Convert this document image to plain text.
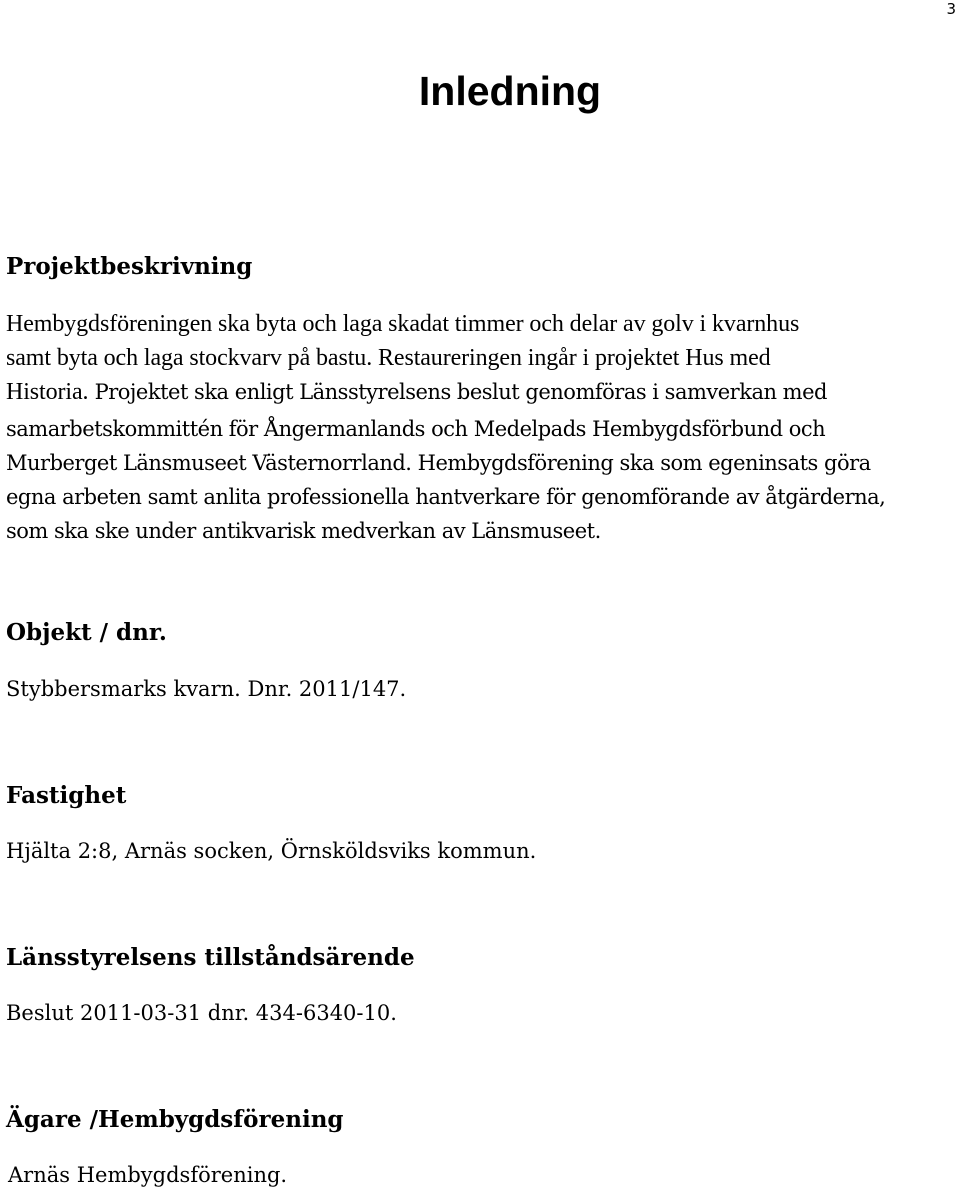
3
Inledning
Projektbeskrivning
Hembygdsföreningen ska byta och laga skadat timmer och delar av golv i kvarnhus
samt byta och laga stockvarv på bastu. Restaureringen ingår i projektet Hus med
Historia. Projektet ska enligt Länsstyrelsens beslut genomföras i samverkan med
samarbetskommittén för Ångermanlands och Medelpads Hembygdsförbund och
Murberget Länsmuseet Västernorrland. Hembygdsförening ska som egeninsats göra
egna arbeten samt anlita professionella hantverkare för genomförande av åtgärderna,
som ska ske under antikvarisk medverkan av Länsmuseet.
Objekt / dnr.

Stybbersmarks kvarn. Dnr. 2011/147.

Fastighet

Hjälta 2:8, Arnäs socken, Örnsköldsviks kommun.

Länsstyrelsens tillståndsärende

Beslut 2011-03-31 dnr. 434-6340-10.

Ägare /Hembygdsförening

Arnäs Hembygdsförening.
